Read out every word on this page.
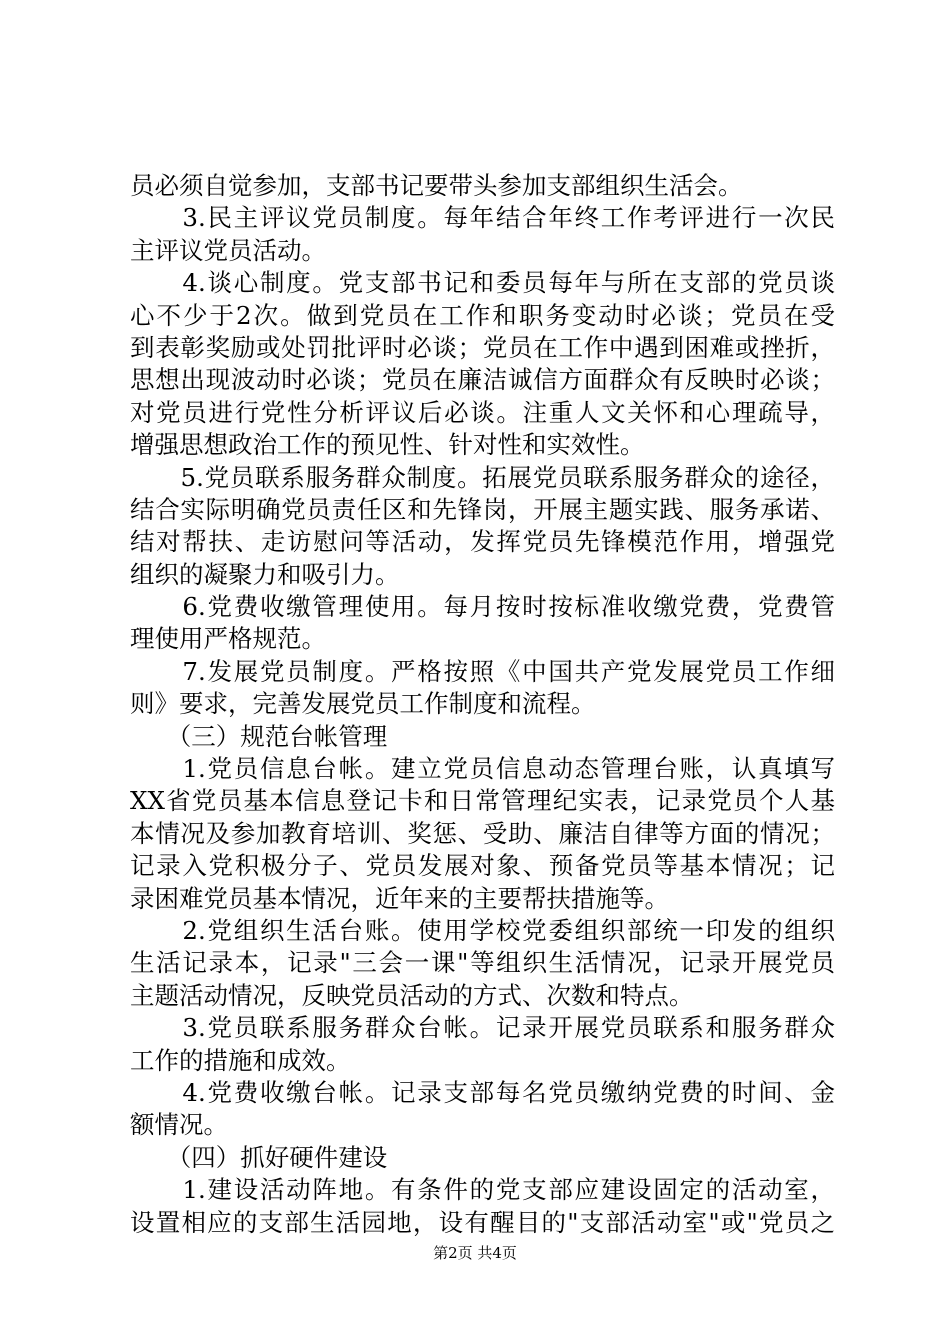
员必须自觉参加，支部书记要带头参加支部组织生活会。
　　3.民主评议党员制度。每年结合年终工作考评进行一次民
主评议党员活动。
　　4.谈心制度。党支部书记和委员每年与所在支部的党员谈
心不少于2次。做到党员在工作和职务变动时必谈；党员在受
到表彰奖励或处罚批评时必谈；党员在工作中遇到困难或挫折，
思想出现波动时必谈；党员在廉洁诚信方面群众有反映时必谈；
对党员进行党性分析评议后必谈。注重人文关怀和心理疏导，
增强思想政治工作的预见性、针对性和实效性。
　　5.党员联系服务群众制度。拓展党员联系服务群众的途径，
结合实际明确党员责任区和先锋岗，开展主题实践、服务承诺、
结对帮扶、走访慰问等活动，发挥党员先锋模范作用，增强党
组织的凝聚力和吸引力。
　　6.党费收缴管理使用。每月按时按标准收缴党费，党费管
理使用严格规范。
　　7.发展党员制度。严格按照《中国共产党发展党员工作细
则》要求，完善发展党员工作制度和流程。
　　（三）规范台帐管理
　　1.党员信息台帐。建立党员信息动态管理台账，认真填写
XX省党员基本信息登记卡和日常管理纪实表，记录党员个人基
本情况及参加教育培训、奖惩、受助、廉洁自律等方面的情况；
记录入党积极分子、党员发展对象、预备党员等基本情况；记
录困难党员基本情况，近年来的主要帮扶措施等。
　　2.党组织生活台账。使用学校党委组织部统一印发的组织
生活记录本，记录"三会一课"等组织生活情况，记录开展党员
主题活动情况，反映党员活动的方式、次数和特点。
　　3.党员联系服务群众台帐。记录开展党员联系和服务群众
工作的措施和成效。
　　4.党费收缴台帐。记录支部每名党员缴纳党费的时间、金
额情况。
　　（四）抓好硬件建设
　　1.建设活动阵地。有条件的党支部应建设固定的活动室，
设置相应的支部生活园地，设有醒目的"支部活动室"或"党员之
第2页 共4页
